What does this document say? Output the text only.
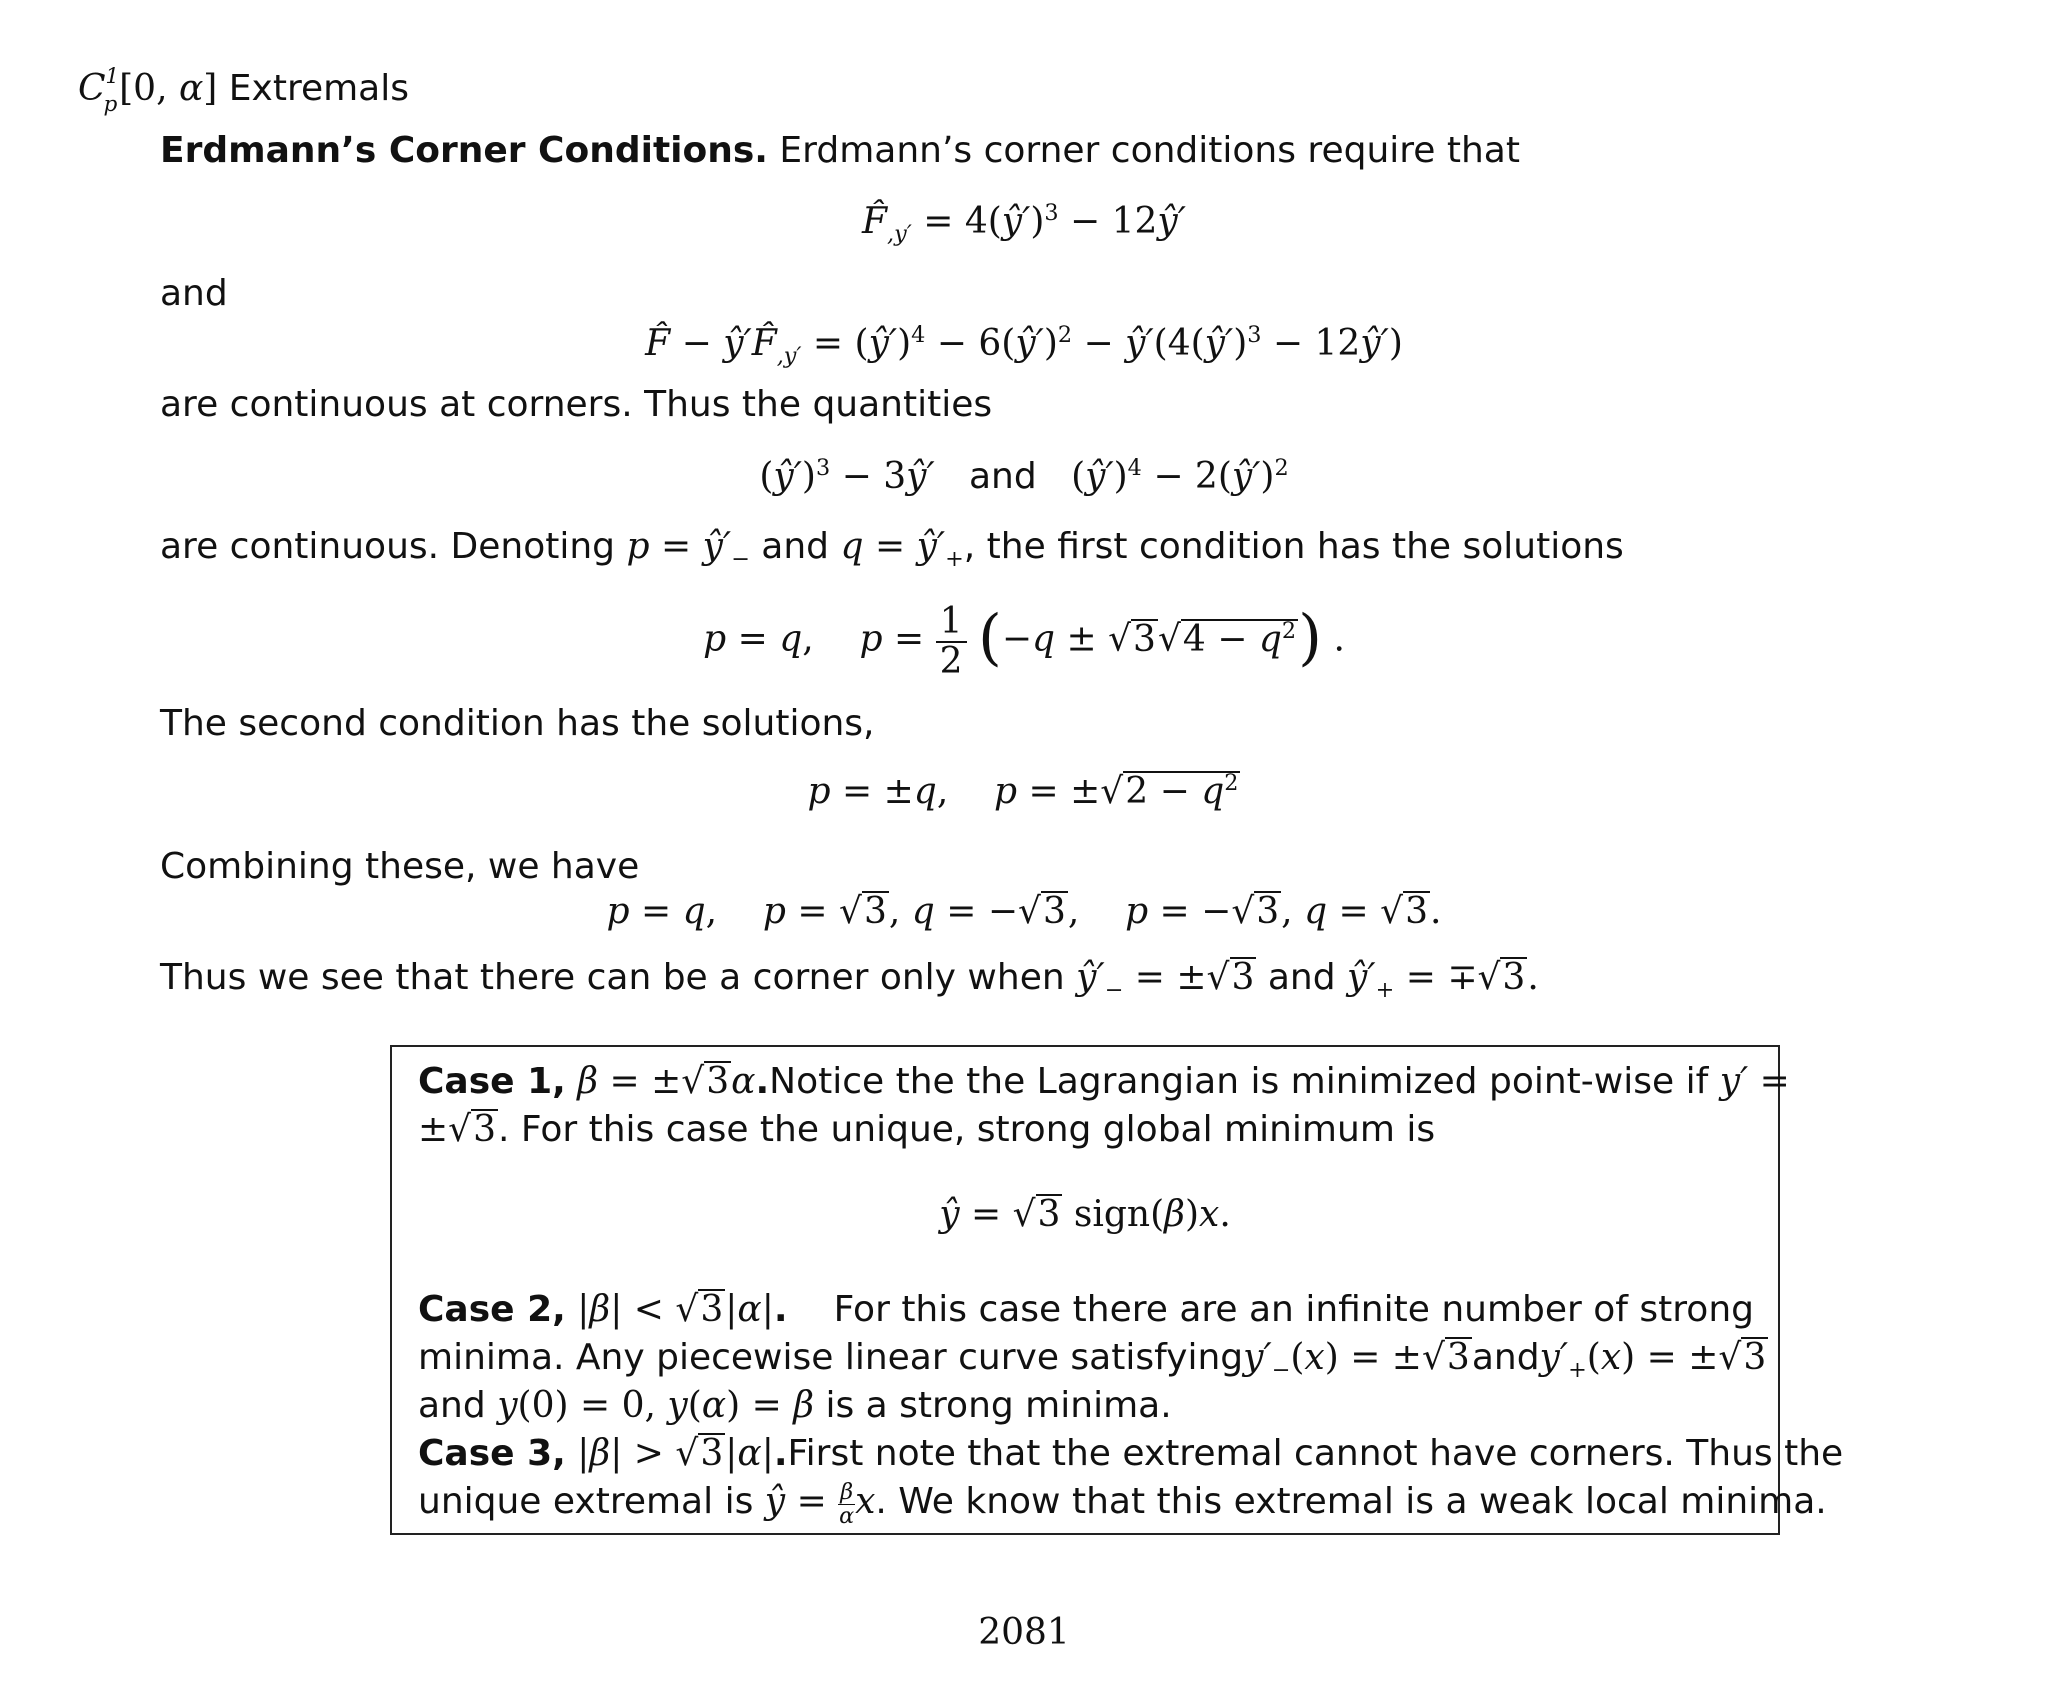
$C_p^1[0$, α] Extremals
Erdmann’s Corner Conditions. Erdmann’s corner conditions require that
$F̂_{,y'}$ = 4(ŷ′)$^3$ − 12ŷ′
and
F̂ − $ŷ'F̂_{,y'}$ = (ŷ′)$^4$ − 6(ŷ′)$^2$ − ŷ′(4(ŷ′)$^3$ − 12ŷ′)
are continuous at corners. Thus the quantities
(ŷ′)$^3$ − 3ŷ′ and (ŷ′)$^4$ − 2(ŷ′)$^2$
are continuous. Denoting $p = ŷ'_-$ and $q = ŷ'_+$, the first condition has the solutions
p = q,    $p = \frac{1}{2} (-q \pm √3√4 - q^2)$ .
The second condition has the solutions,
p = ±q,    $p = \pm√2 - q^2$
Combining these, we have
p = q,    p = √3, q = −√3,    p = −√3, q = √3.
Thus we see that there can be a corner only when $ŷ'_- = \pm√3$ and $ŷ'_+ = \mp√3$.
Case 1, β = ±√3α. Notice the the Lagrangian is minimized point-wise if y′ =
±√3. For this case the unique, strong global minimum is
ŷ = √3 sign(β)x.
Case 2, |β| < √3|α|. For this case there are an infinite number of strong
minima. Any piecewise linear curve satisfying $y'_-(x) = \pm√3$ and $y'_+(x) = \pm√3$
and y(0) = 0, y(α) = β is a strong minima.
Case 3, |β| > √3|α|. First note that the extremal cannot have corners. Thus the
unique extremal is ŷ = $\frac{\beta}{\alpha} x$. We know that this extremal is a weak local minima.
2081
